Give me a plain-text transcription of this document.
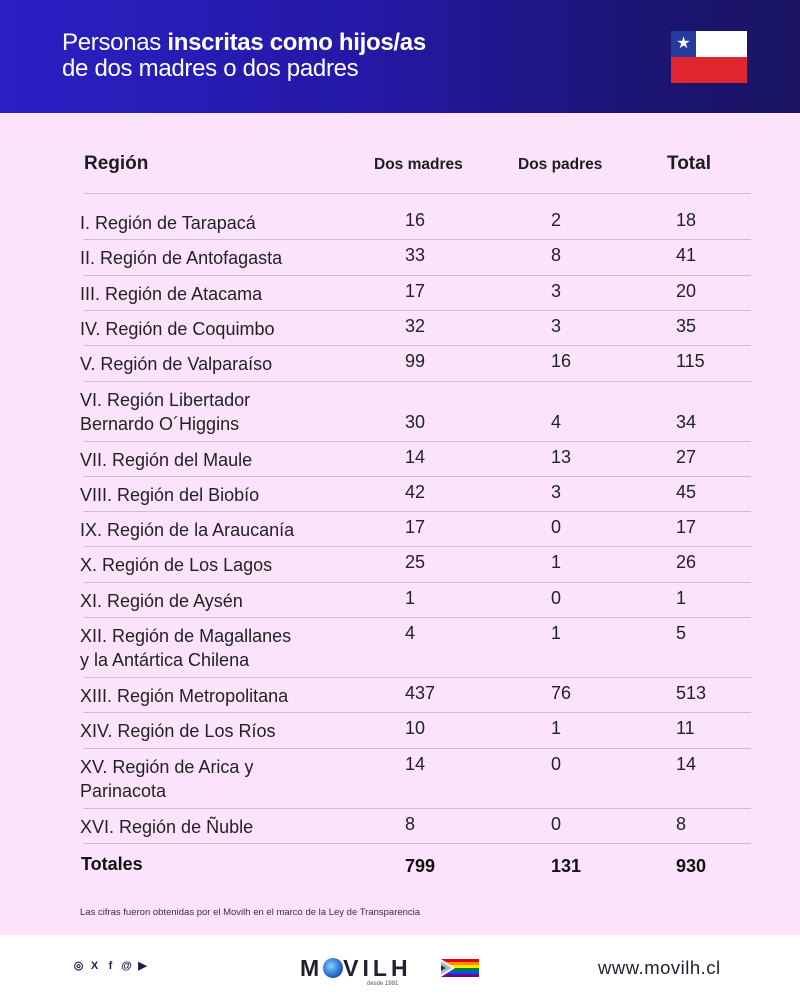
Personas inscritas como hijos/as
de dos madres o dos padres
★
Región	Dos madres	Dos padres	Total
I. Región de Tarapacá	16	2	18
II. Región de Antofagasta	33	8	41
III. Región de Atacama	17	3	20
IV. Región de Coquimbo	32	3	35
V. Región de Valparaíso	99	16	115
VI. Región Libertador
Bernardo O´Higgins	30	4	34
VII. Región del Maule	14	13	27
VIII. Región del Biobío	42	3	45
IX. Región de la Araucanía	17	0	17
X. Región de Los Lagos	25	1	26
XI. Región de Aysén	1	0	1
XII. Región de Magallanes
y la Antártica Chilena
4	1	5
XIII. Región Metropolitana	437	76	513
XIV. Región de Los Ríos	10	1	11
XV. Región de Arica y
Parinacota
14	0	14
XVI. Región de Ñuble	8	0	8
Totales	799	131	930
Las cifras fueron obtenidas por el Movilh en el marco de la Ley de Transparencia
◎ X f @ ▶	M VILH
desde 1991
www.movilh.cl
